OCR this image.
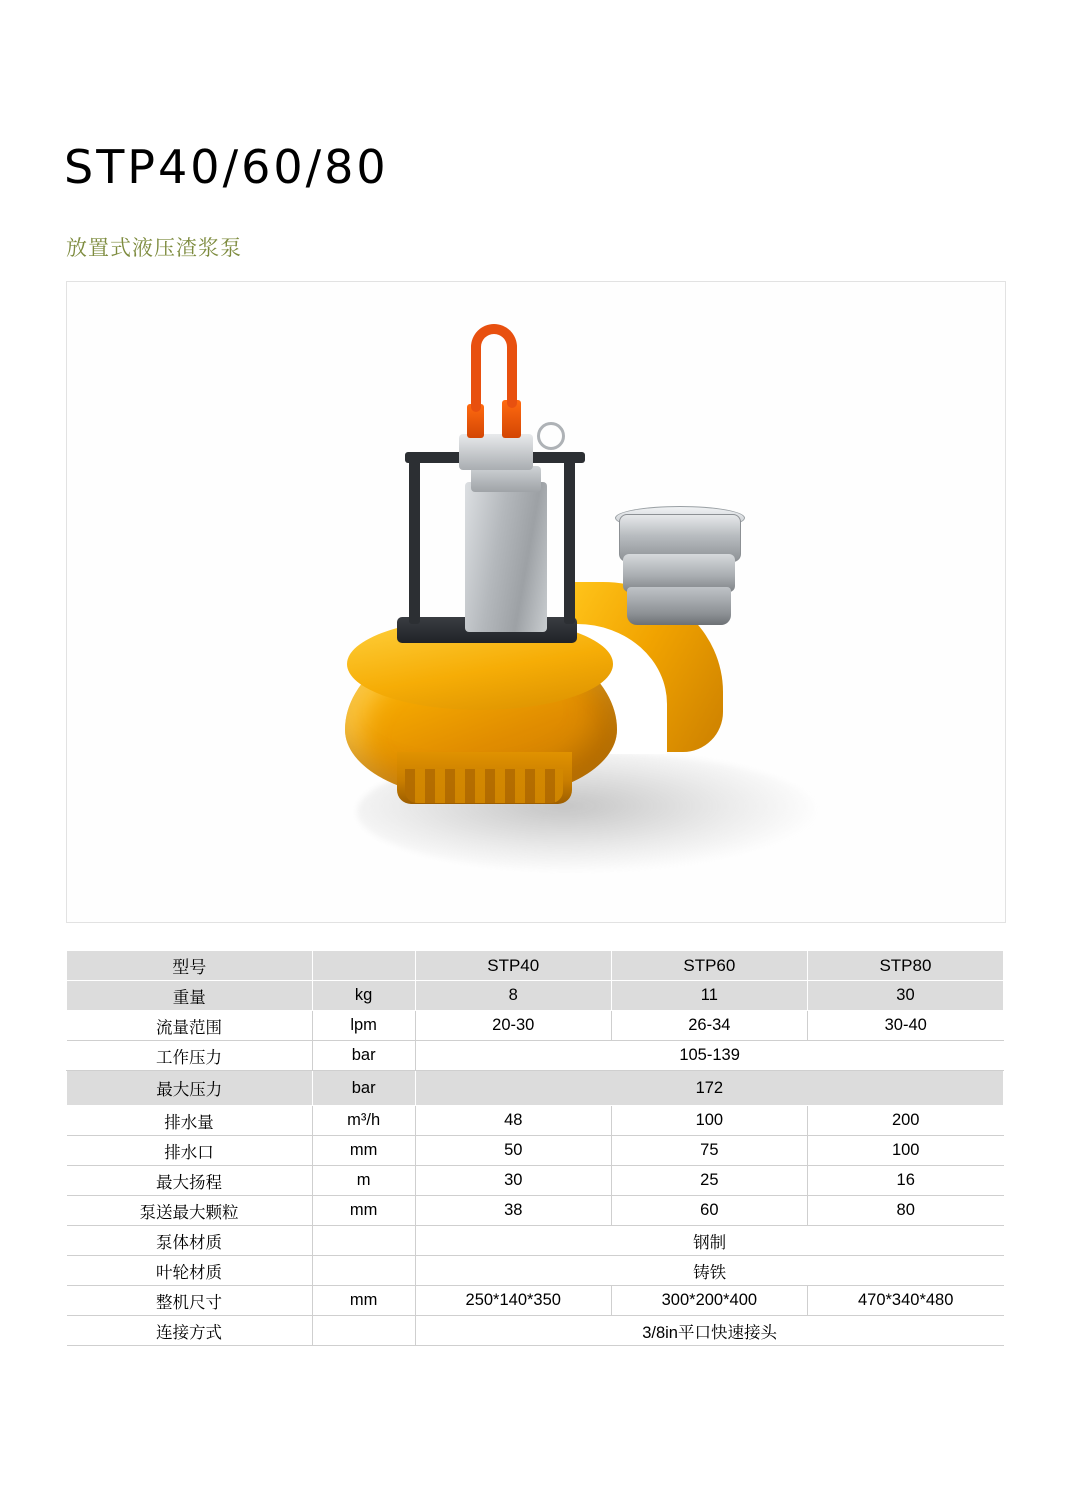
STP40/60/80
放置式液压渣浆泵
型号		STP40	STP60	STP80
重量	kg	8	11	30
流量范围	lpm	20-30	26-34	30-40
工作压力	bar	105-139		
最大压力	bar	172		
排水量	m³/h	48	100	200
排水口	mm	50	75	100
最大扬程	m	30	25	16
泵送最大颗粒	mm	38	60	80
泵体材质		钢制		
叶轮材质		铸铁		
整机尺寸	mm	250*140*350	300*200*400	470*340*480
连接方式		3/8in平口快速接头		
